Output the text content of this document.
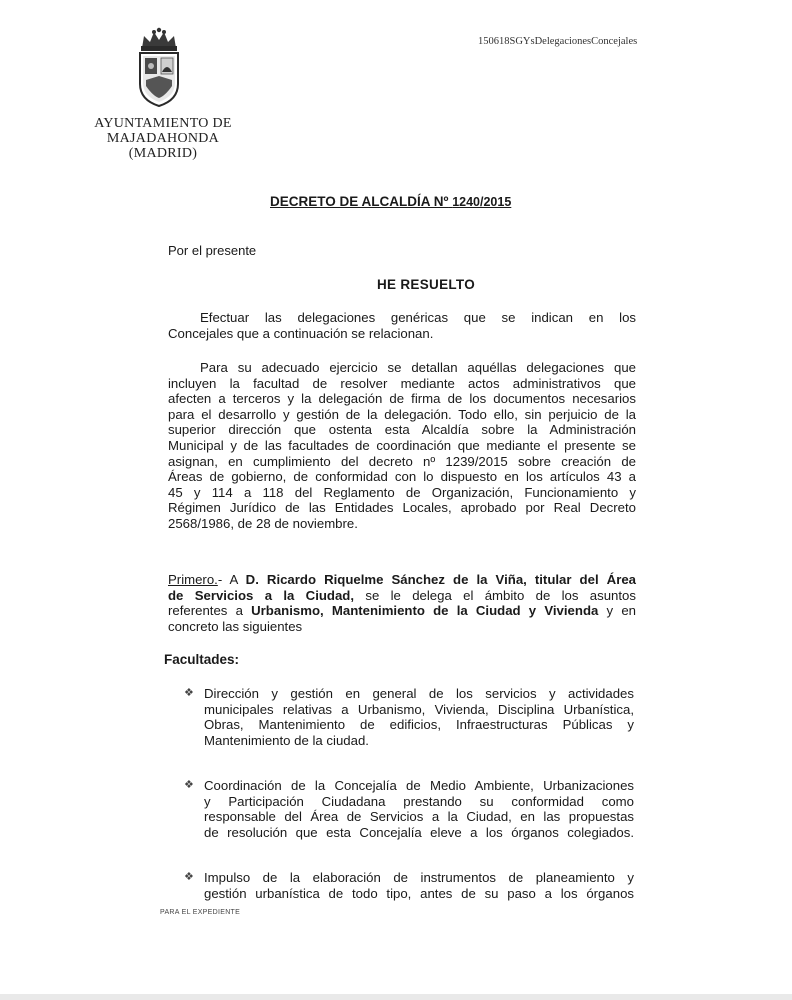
AYUNTAMIENTO DE
MAJADAHONDA
(MADRID)
150618SGYsDelegacionesConcejales
DECRETO DE ALCALDÍA Nº 1240/2015
Por el presente
HE RESUELTO
Efectuar las delegaciones genéricas que se indican en los
Concejales que a continuación se relacionan.
Para su adecuado ejercicio se detallan aquéllas delegaciones que
incluyen la facultad de resolver mediante actos administrativos que
afecten a terceros y la delegación de firma de los documentos necesarios
para el desarrollo y gestión de la delegación. Todo ello, sin perjuicio de la
superior dirección que ostenta esta Alcaldía sobre la Administración
Municipal y de las facultades de coordinación que mediante el presente se
asignan, en cumplimiento del decreto nº 1239/2015 sobre creación de
Áreas de gobierno, de conformidad con lo dispuesto en los artículos 43 a
45 y 114 a 118 del Reglamento de Organización, Funcionamiento y
Régimen Jurídico de las Entidades Locales, aprobado por Real Decreto
2568/1986, de 28 de noviembre.
Primero.- A D. Ricardo Riquelme Sánchez de la Viña, titular del Área
de Servicios a la Ciudad, se le delega el ámbito de los asuntos
referentes a Urbanismo, Mantenimiento de la Ciudad y Vivienda y en
concreto las siguientes
Facultades:
❖ Dirección y gestión en general de los servicios y actividades
municipales relativas a Urbanismo, Vivienda, Disciplina Urbanística,
Obras, Mantenimiento de edificios, Infraestructuras Públicas y
Mantenimiento de la ciudad.
❖ Coordinación de la Concejalía de Medio Ambiente, Urbanizaciones
y Participación Ciudadana prestando su conformidad como
responsable del Área de Servicios a la Ciudad, en las propuestas
de resolución que esta Concejalía eleve a los órganos colegiados.
❖ Impulso de la elaboración de instrumentos de planeamiento y
gestión urbanística de todo tipo, antes de su paso a los órganos
PARA EL EXPEDIENTE
